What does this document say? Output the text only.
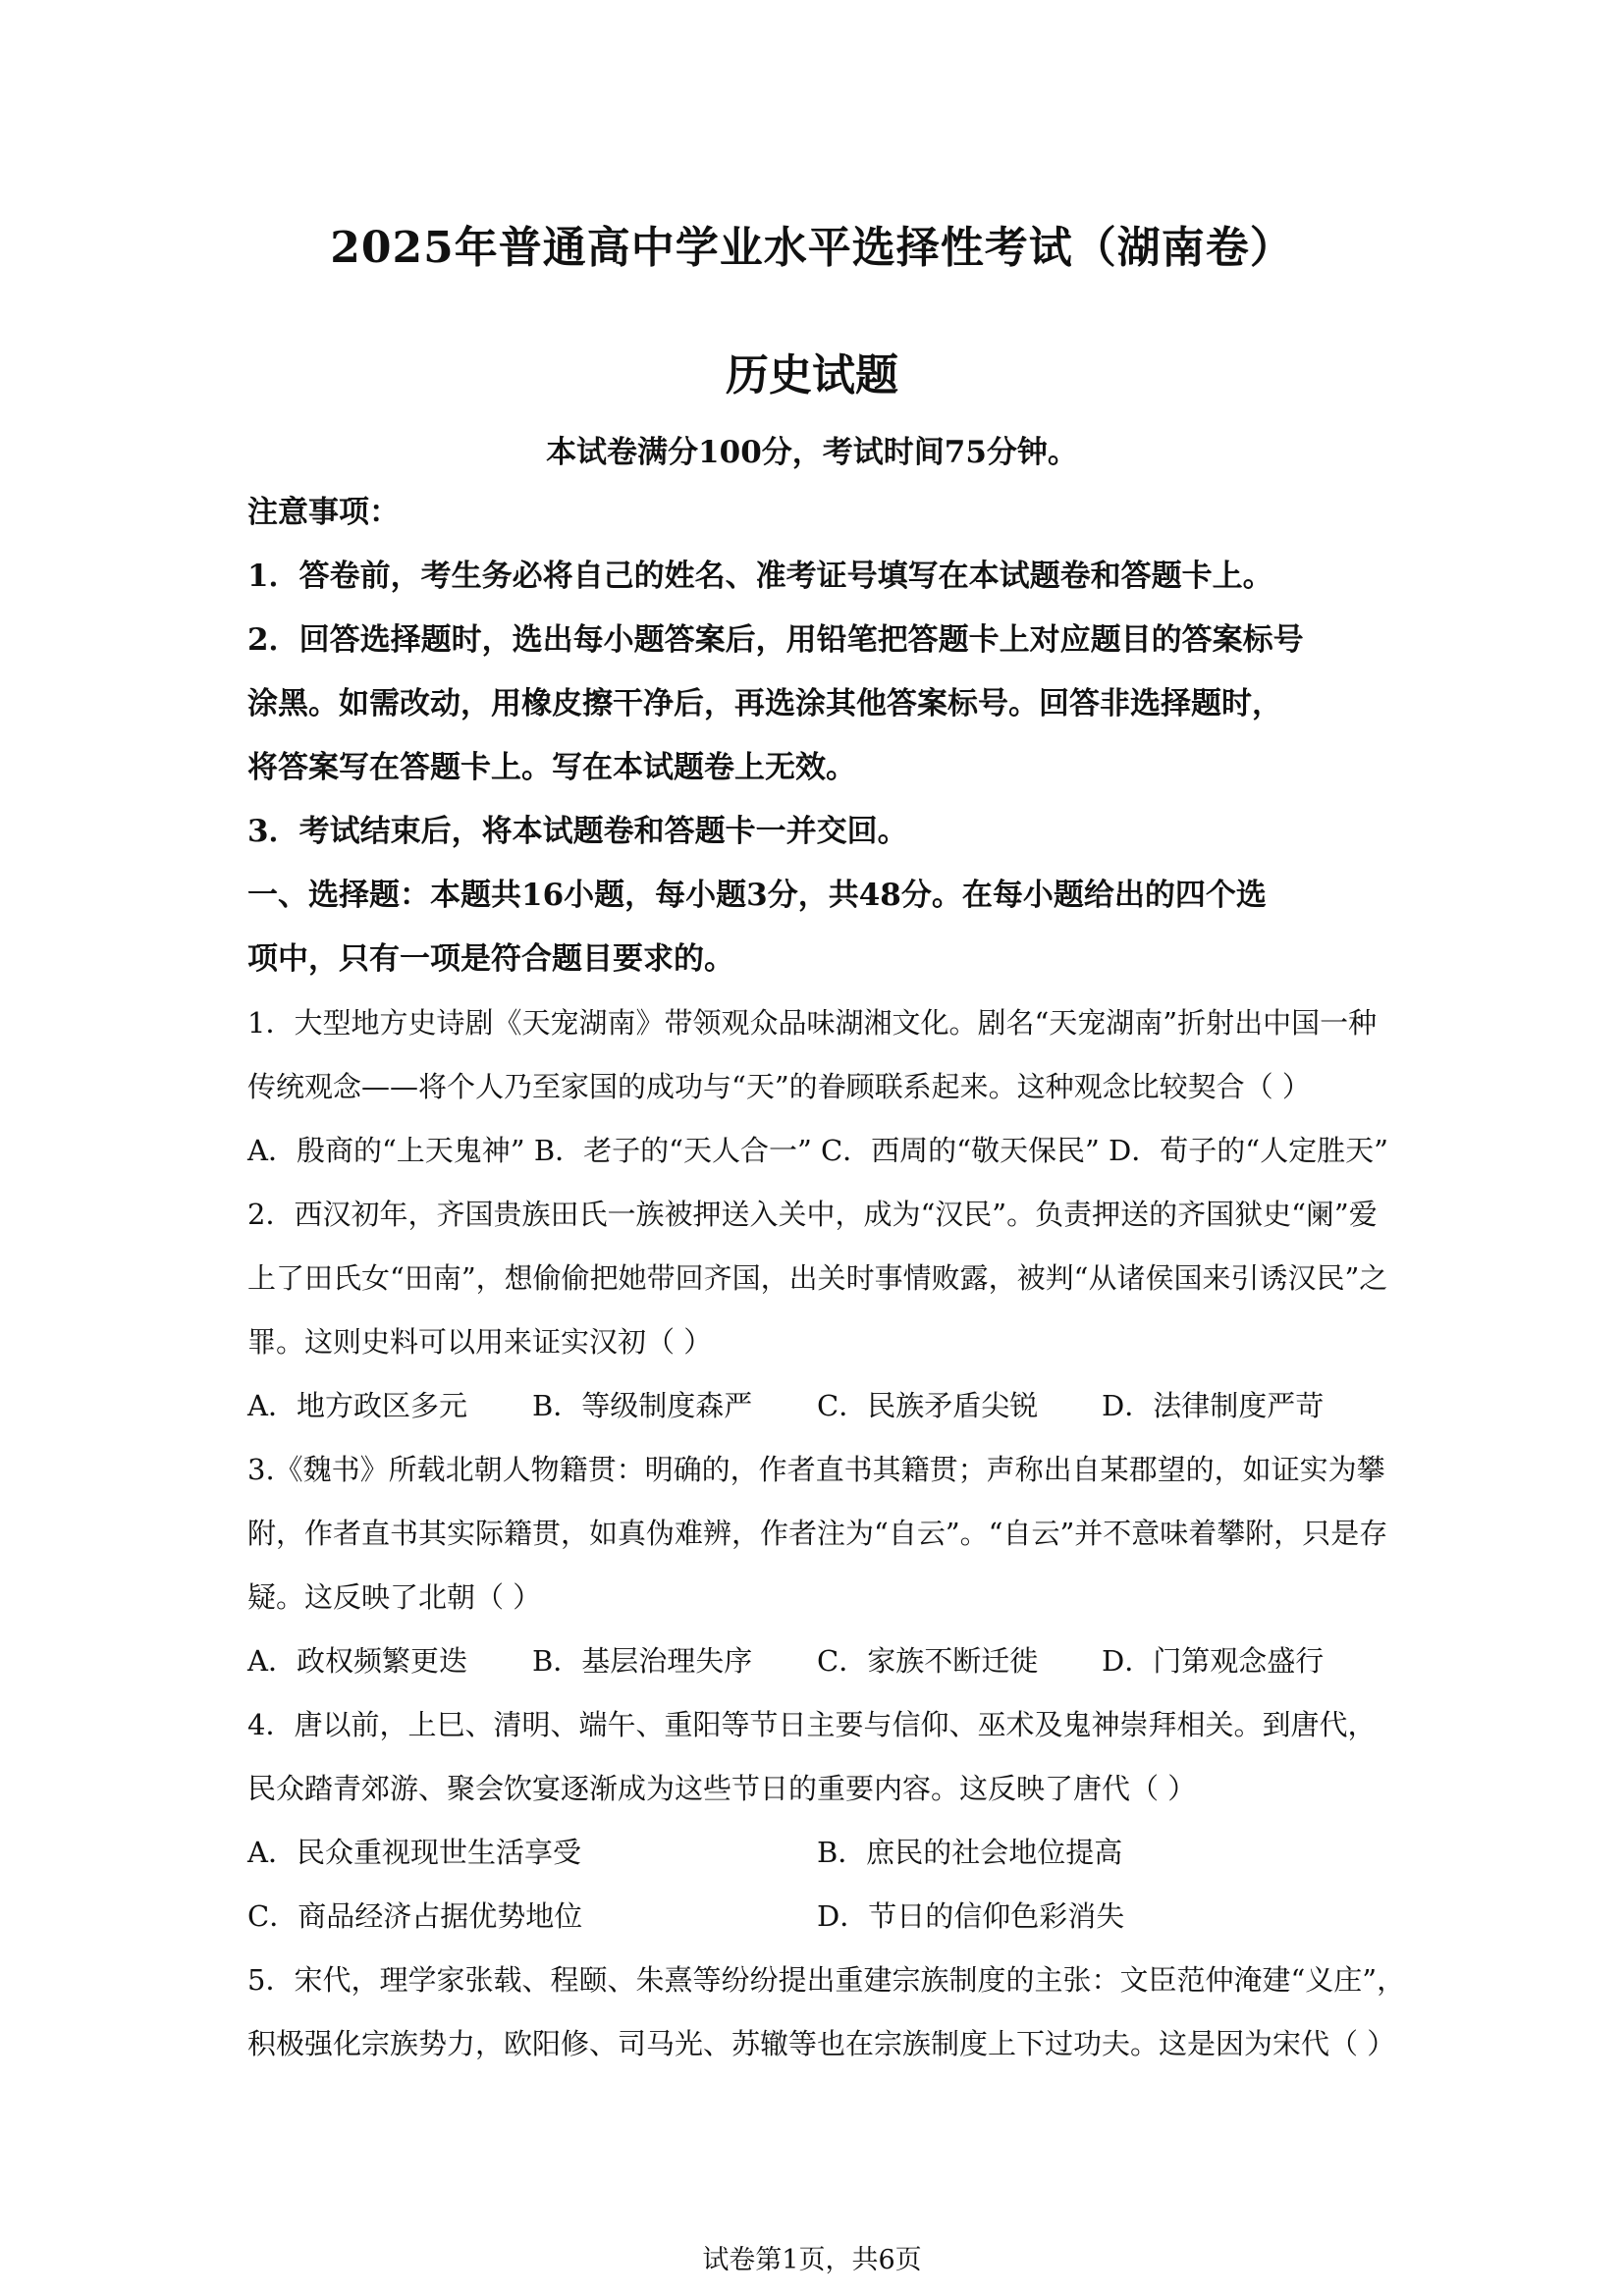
2025年普通高中学业水平选择性考试（湖南卷）
历史试题
本试卷满分100分，考试时间75分钟。
注意事项：
1．答卷前，考生务必将自己的姓名、准考证号填写在本试题卷和答题卡上。
2．回答选择题时，选出每小题答案后，用铅笔把答题卡上对应题目的答案标号
涂黑。如需改动，用橡皮擦干净后，再选涂其他答案标号。回答非选择题时，
将答案写在答题卡上。写在本试题卷上无效。
3．考试结束后，将本试题卷和答题卡一并交回。
一、选择题：本题共16小题，每小题3分，共48分。在每小题给出的四个选
项中，只有一项是符合题目要求的。
1．大型地方史诗剧《天宠湖南》带领观众品味湖湘文化。剧名“天宠湖南”折射出中国一种
传统观念——将个人乃至家国的成功与“天”的眷顾联系起来。这种观念比较契合（ ）
A．殷商的“上天鬼神” B．老子的“天人合一” C．西周的“敬天保民” D．荀子的“人定胜天”
2．西汉初年，齐国贵族田氏一族被押送入关中，成为“汉民”。负责押送的齐国狱史“阑”爱
上了田氏女“田南”，想偷偷把她带回齐国，出关时事情败露，被判“从诸侯国来引诱汉民”之
罪。这则史料可以用来证实汉初（ ）
A．地方政区多元	B．等级制度森严	C．民族矛盾尖锐	D．法律制度严苛
3.《魏书》所载北朝人物籍贯：明确的，作者直书其籍贯；声称出自某郡望的，如证实为攀
附，作者直书其实际籍贯，如真伪难辨，作者注为“自云”。“自云”并不意味着攀附，只是存
疑。这反映了北朝（ ）
A．政权频繁更迭	B．基层治理失序	C．家族不断迁徙	D．门第观念盛行
4．唐以前，上巳、清明、端午、重阳等节日主要与信仰、巫术及鬼神崇拜相关。到唐代，
民众踏青郊游、聚会饮宴逐渐成为这些节日的重要内容。这反映了唐代（ ）
A．民众重视现世生活享受	B．庶民的社会地位提高
C．商品经济占据优势地位	D．节日的信仰色彩消失
5．宋代，理学家张载、程颐、朱熹等纷纷提出重建宗族制度的主张：文臣范仲淹建“义庄”，
积极强化宗族势力，欧阳修、司马光、苏辙等也在宗族制度上下过功夫。这是因为宋代（ ）
试卷第1页，共6页
